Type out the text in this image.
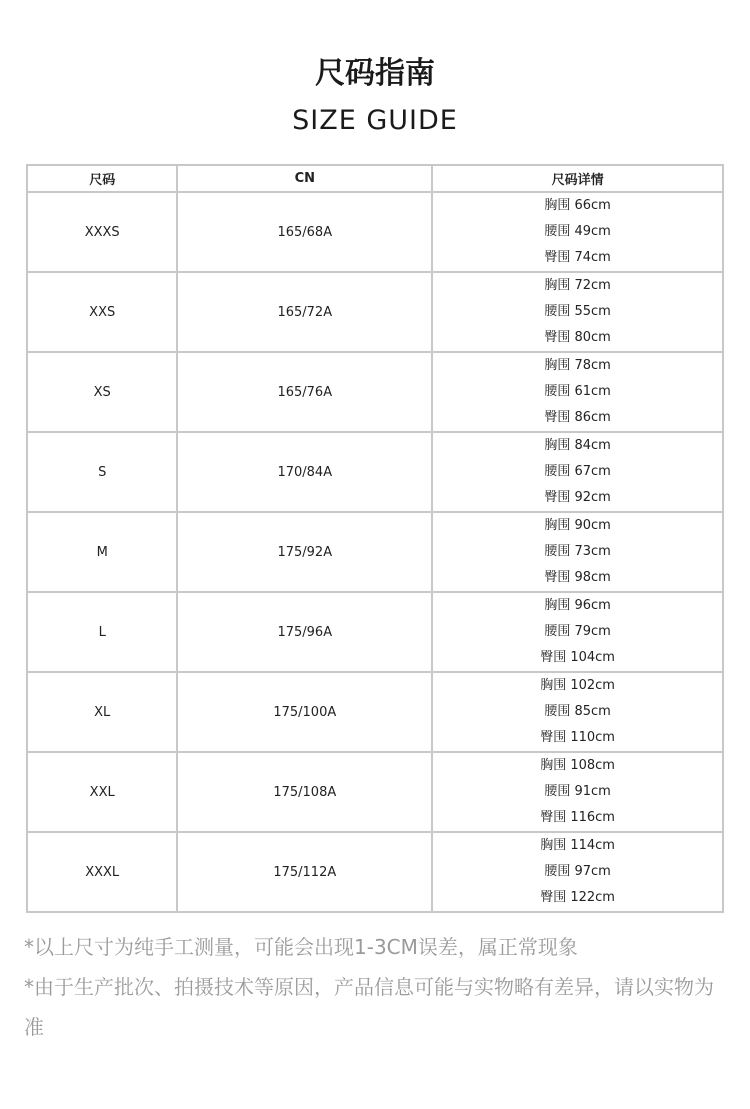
尺码指南
SIZE GUIDE
尺码	CN	尺码详情
XXXS	165/68A	胸围 66cm
腰围 49cm
臀围 74cm

XXS	165/72A	胸围 72cm
腰围 55cm
臀围 80cm

XS	165/76A	胸围 78cm
腰围 61cm
臀围 86cm

S	170/84A	胸围 84cm
腰围 67cm
臀围 92cm

M	175/92A	胸围 90cm
腰围 73cm
臀围 98cm

L	175/96A	胸围 96cm
腰围 79cm
臀围 104cm

XL	175/100A	胸围 102cm
腰围 85cm
臀围 110cm

XXL	175/108A	胸围 108cm
腰围 91cm
臀围 116cm

XXXL	175/112A	胸围 114cm
腰围 97cm
臀围 122cm
*以上尺寸为纯手工测量，可能会出现1-3CM误差，属正常现象
*由于生产批次、拍摄技术等原因，产品信息可能与实物略有差异，请以实物为准
